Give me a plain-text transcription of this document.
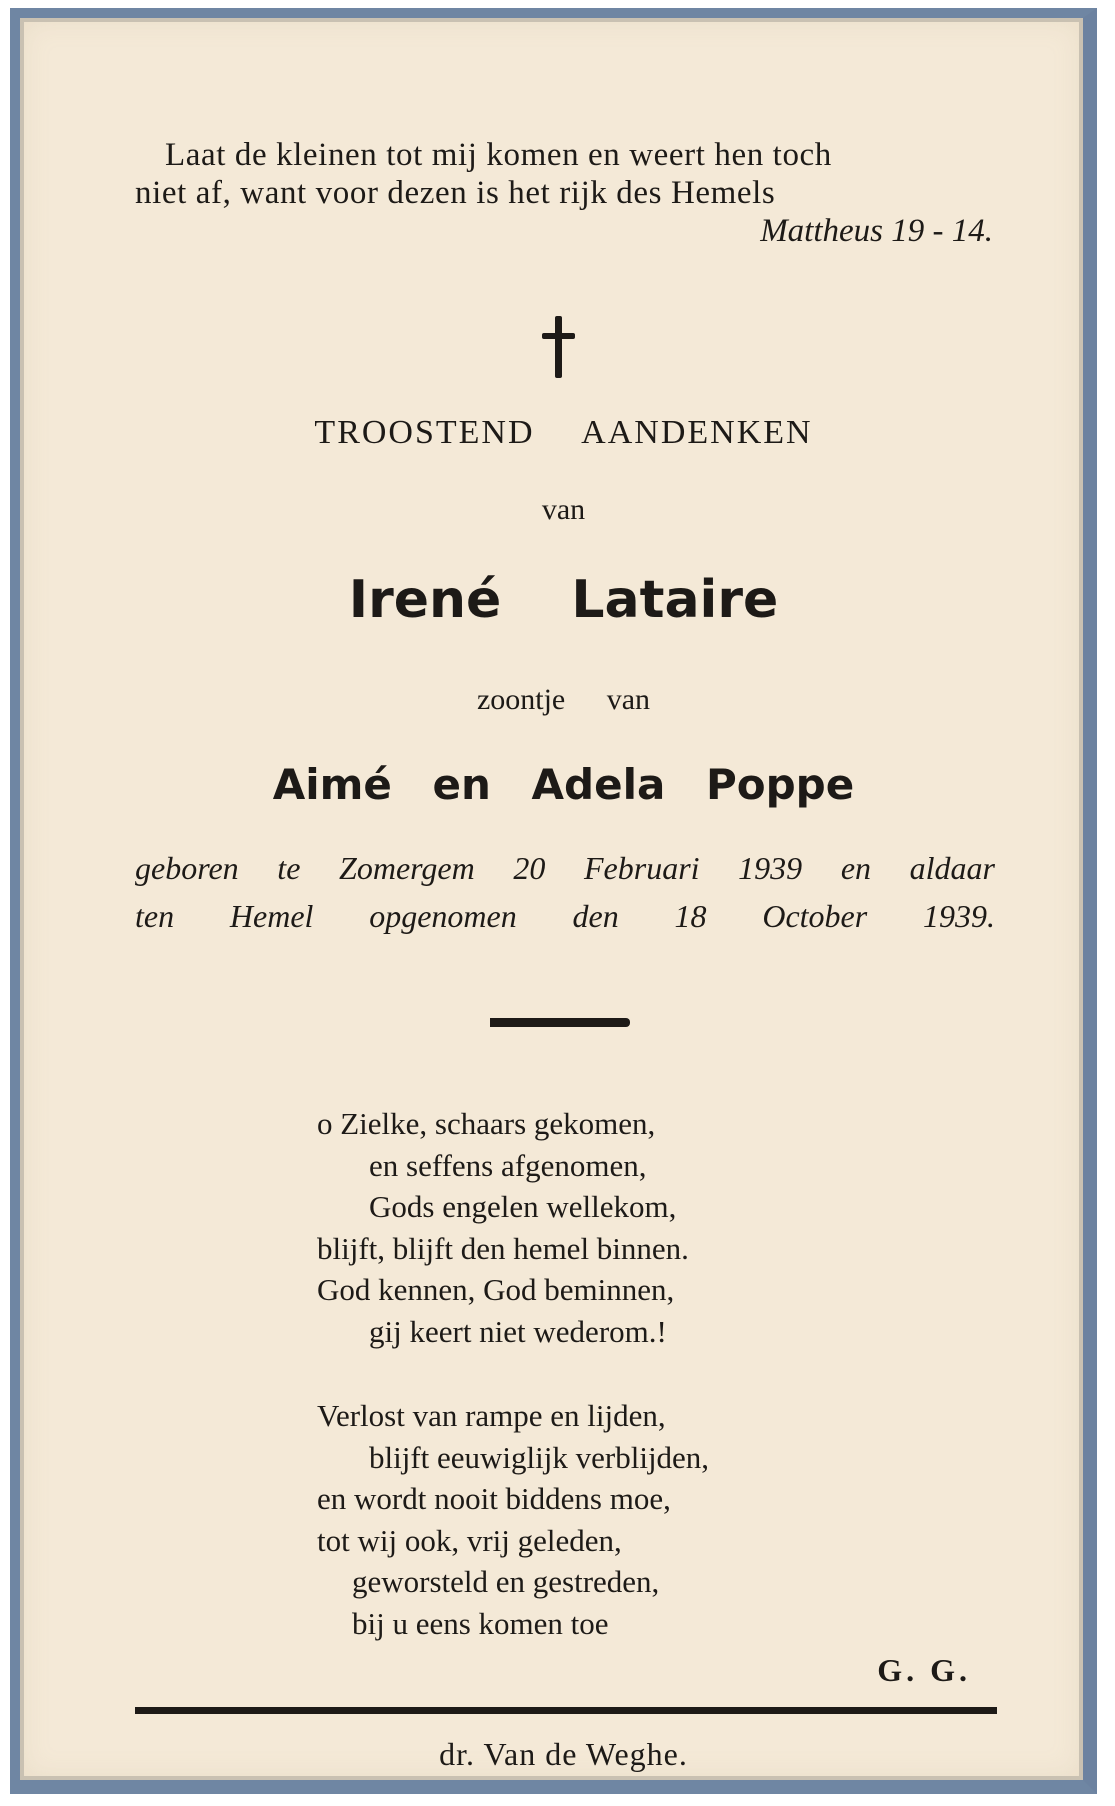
Laat de kleinen tot mij komen en weert hen toch
niet af, want voor dezen is het rijk des Hemels
Mattheus 19 - 14.
TROOSTEND AANDENKEN
van
Irené Lataire
zoontje van
Aimé en Adela Poppe
geboren te Zomergem 20 Februari 1939 en aldaar
ten Hemel opgenomen den 18 October 1939.
o Zielke, schaars gekomen,
en seffens afgenomen,
Gods engelen wellekom,
blijft, blijft den hemel binnen.
God kennen, God beminnen,
gij keert niet wederom.!
Verlost van rampe en lijden,
blijft eeuwiglijk verblijden,
en wordt nooit biddens moe,
tot wij ook, vrij geleden,
geworsteld en gestreden,
bij u eens komen toe
G. G.
dr. Van de Weghe.
